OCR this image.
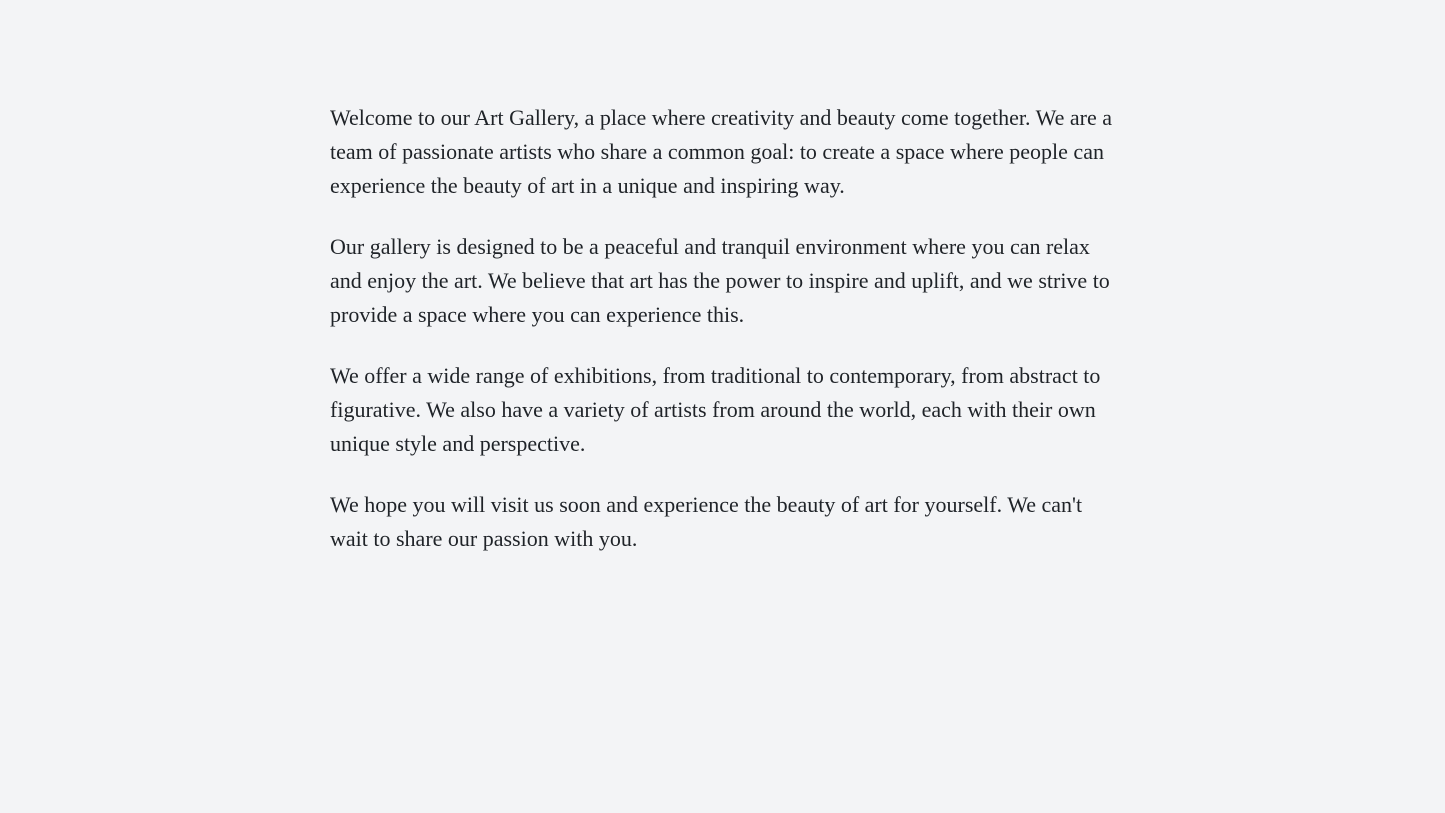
Welcome to our Art Gallery, a place where creativity and beauty come together. We are a team of passionate artists who share a common goal: to create a space where people can experience the beauty of art in a unique and inspiring way.

Our gallery is designed to be a peaceful and tranquil environment where you can relax and enjoy the art. We believe that art has the power to inspire and uplift, and we strive to provide a space where you can experience this.

We offer a wide range of exhibitions, from traditional to contemporary, from abstract to figurative. We also have a variety of artists from around the world, each with their own unique style and perspective.

We hope you will visit us soon and experience the beauty of art for yourself. We can't wait to share our passion with you.
